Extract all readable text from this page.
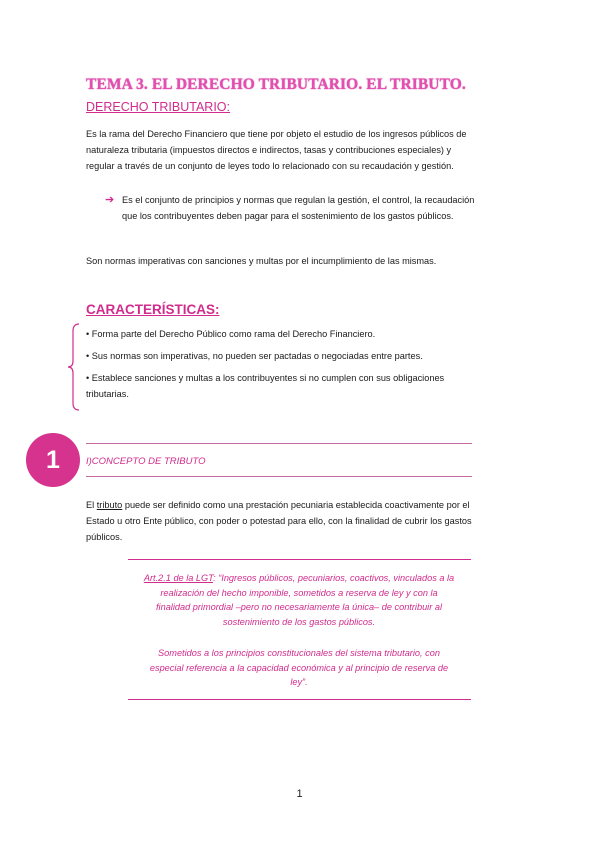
TEMA 3. EL DERECHO TRIBUTARIO. EL TRIBUTO.
DERECHO TRIBUTARIO:
Es la rama del Derecho Financiero que tiene por objeto el estudio de los ingresos públicos de
naturaleza tributaria (impuestos directos e indirectos, tasas y contribuciones especiales) y
regular a través de un conjunto de leyes todo lo relacionado con su recaudación y gestión.
➔ Es el conjunto de principios y normas que regulan la gestión, el control, la recaudación
que los contribuyentes deben pagar para el sostenimiento de los gastos públicos.
Son normas imperativas con sanciones y multas por el incumplimiento de las mismas.
CARACTERÍSTICAS:
• Forma parte del Derecho Público como rama del Derecho Financiero.
• Sus normas son imperativas, no pueden ser pactadas o negociadas entre partes.
• Establece sanciones y multas a los contribuyentes si no cumplen con sus obligaciones
tributarias.
1	I)CONCEPTO DE TRIBUTO
El tributo puede ser definido como una prestación pecuniaria establecida coactivamente por el
Estado u otro Ente público, con poder o potestad para ello, con la finalidad de cubrir los gastos
públicos.
Art.2.1 de la LGT: “Ingresos públicos, pecuniarios, coactivos, vinculados a la
realización del hecho imponible, sometidos a reserva de ley y con la
finalidad primordial –pero no necesariamente la única– de contribuir al
sostenimiento de los gastos públicos.
Sometidos a los principios constitucionales del sistema tributario, con
especial referencia a la capacidad económica y al principio de reserva de
ley”.
1
